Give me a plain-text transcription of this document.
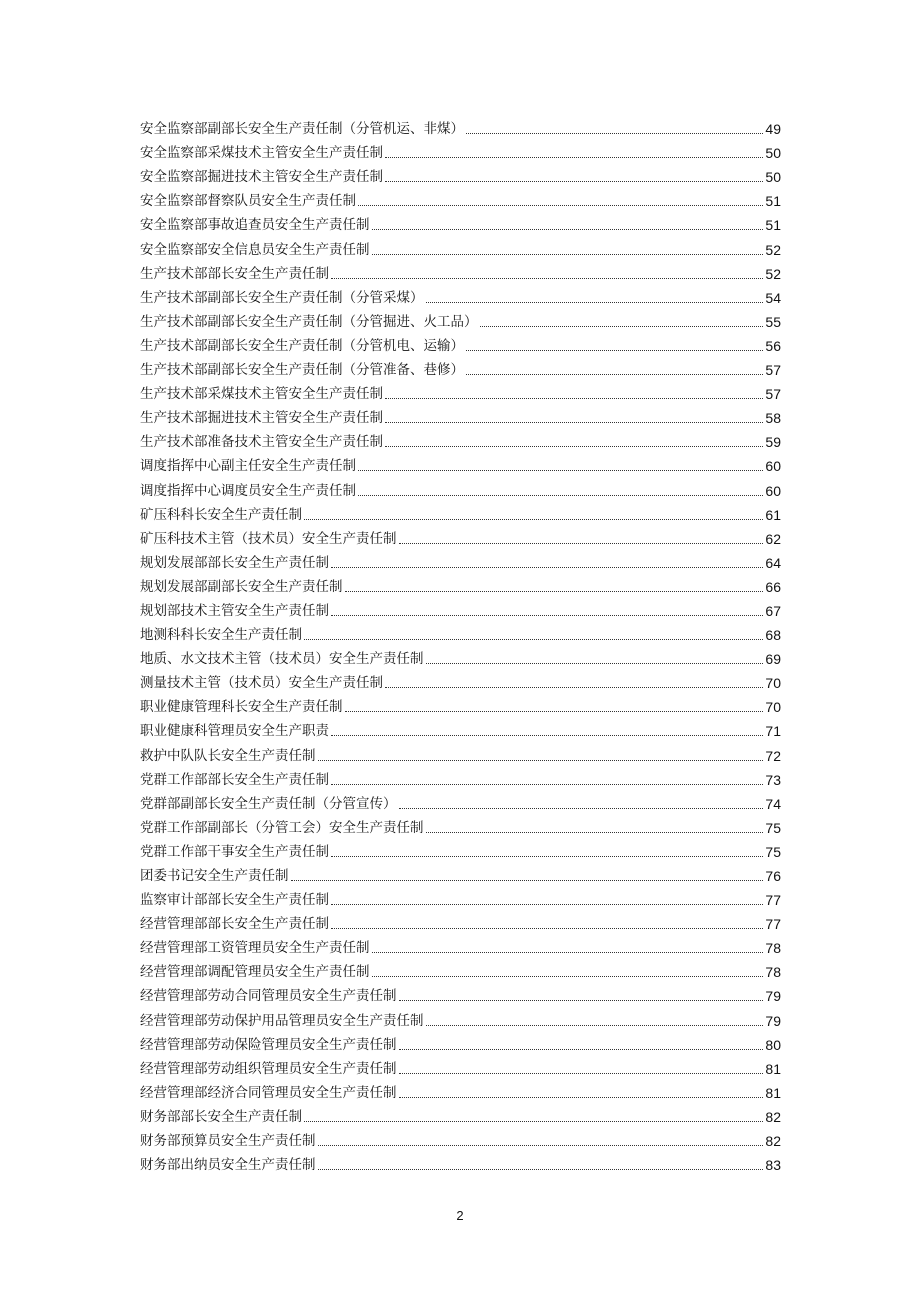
安全监察部副部长安全生产责任制（分管机运、非煤）	49
安全监察部采煤技术主管安全生产责任制	50
安全监察部掘进技术主管安全生产责任制	50
安全监察部督察队员安全生产责任制	51
安全监察部事故追查员安全生产责任制	51
安全监察部安全信息员安全生产责任制	52
生产技术部部长安全生产责任制	52
生产技术部副部长安全生产责任制（分管采煤）	54
生产技术部副部长安全生产责任制（分管掘进、火工品）	55
生产技术部副部长安全生产责任制（分管机电、运输）	56
生产技术部副部长安全生产责任制（分管准备、巷修）	57
生产技术部采煤技术主管安全生产责任制	57
生产技术部掘进技术主管安全生产责任制	58
生产技术部准备技术主管安全生产责任制	59
调度指挥中心副主任安全生产责任制	60
调度指挥中心调度员安全生产责任制	60
矿压科科长安全生产责任制	61
矿压科技术主管（技术员）安全生产责任制	62
规划发展部部长安全生产责任制	64
规划发展部副部长安全生产责任制	66
规划部技术主管安全生产责任制	67
地测科科长安全生产责任制	68
地质、水文技术主管（技术员）安全生产责任制	69
测量技术主管（技术员）安全生产责任制	70
职业健康管理科长安全生产责任制	70
职业健康科管理员安全生产职责	71
救护中队队长安全生产责任制	72
党群工作部部长安全生产责任制	73
党群部副部长安全生产责任制（分管宣传）	74
党群工作部副部长（分管工会）安全生产责任制	75
党群工作部干事安全生产责任制	75
团委书记安全生产责任制	76
监察审计部部长安全生产责任制	77
经营管理部部长安全生产责任制	77
经营管理部工资管理员安全生产责任制	78
经营管理部调配管理员安全生产责任制	78
经营管理部劳动合同管理员安全生产责任制	79
经营管理部劳动保护用品管理员安全生产责任制	79
经营管理部劳动保险管理员安全生产责任制	80
经营管理部劳动组织管理员安全生产责任制	81
经营管理部经济合同管理员安全生产责任制	81
财务部部长安全生产责任制	82
财务部预算员安全生产责任制	82
财务部出纳员安全生产责任制	83
2
